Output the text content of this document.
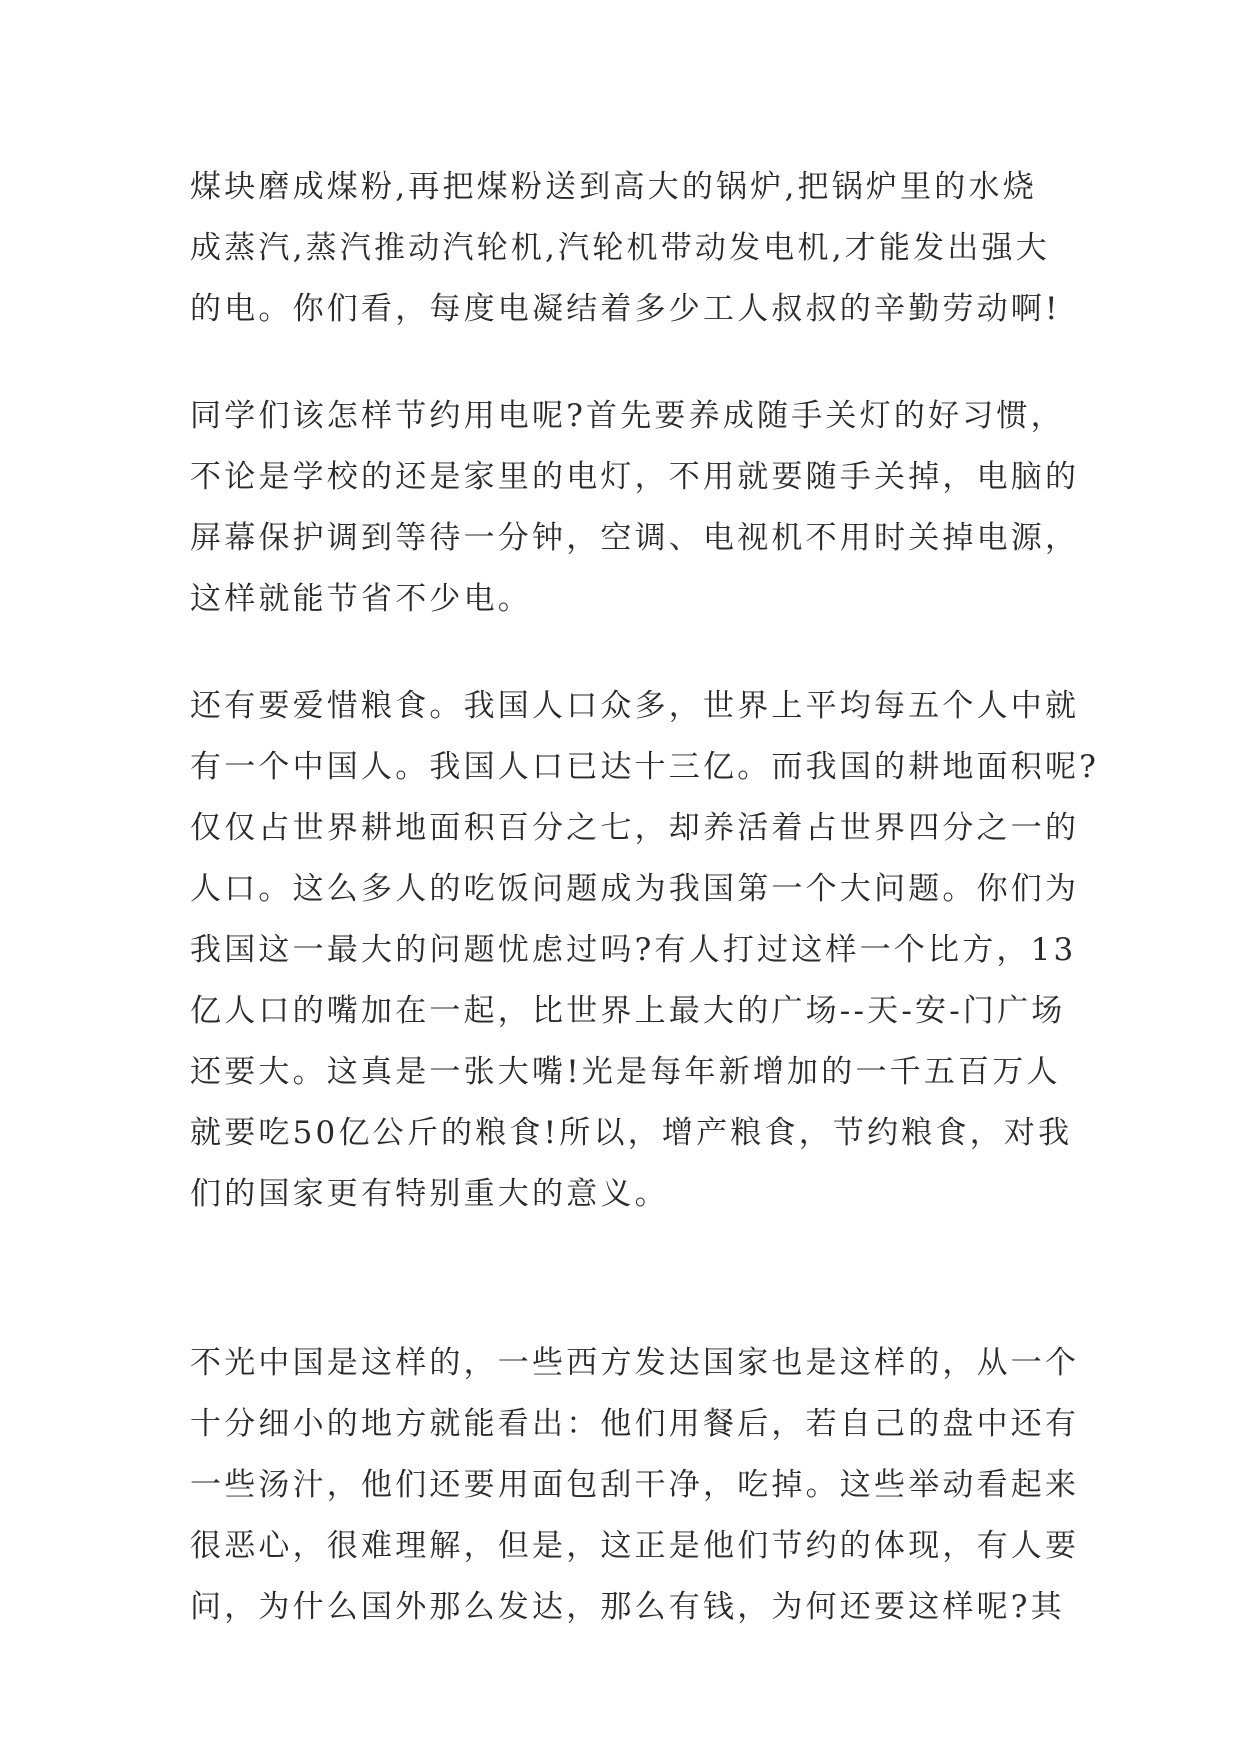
煤块磨成煤粉,再把煤粉送到高大的锅炉,把锅炉里的水烧
成蒸汽,蒸汽推动汽轮机,汽轮机带动发电机,才能发出强大
的电。你们看，每度电凝结着多少工人叔叔的辛勤劳动啊!
同学们该怎样节约用电呢?首先要养成随手关灯的好习惯，
不论是学校的还是家里的电灯，不用就要随手关掉，电脑的
屏幕保护调到等待一分钟，空调、电视机不用时关掉电源，
这样就能节省不少电。
还有要爱惜粮食。我国人口众多，世界上平均每五个人中就
有一个中国人。我国人口已达十三亿。而我国的耕地面积呢?
仅仅占世界耕地面积百分之七，却养活着占世界四分之一的
人口。这么多人的吃饭问题成为我国第一个大问题。你们为
我国这一最大的问题忧虑过吗?有人打过这样一个比方，13
亿人口的嘴加在一起，比世界上最大的广场--天-安-门广场
还要大。这真是一张大嘴!光是每年新增加的一千五百万人
就要吃50亿公斤的粮食!所以，增产粮食，节约粮食，对我
们的国家更有特别重大的意义。
不光中国是这样的，一些西方发达国家也是这样的，从一个
十分细小的地方就能看出：他们用餐后，若自己的盘中还有
一些汤汁，他们还要用面包刮干净，吃掉。这些举动看起来
很恶心，很难理解，但是，这正是他们节约的体现，有人要
问，为什么国外那么发达，那么有钱，为何还要这样呢?其
